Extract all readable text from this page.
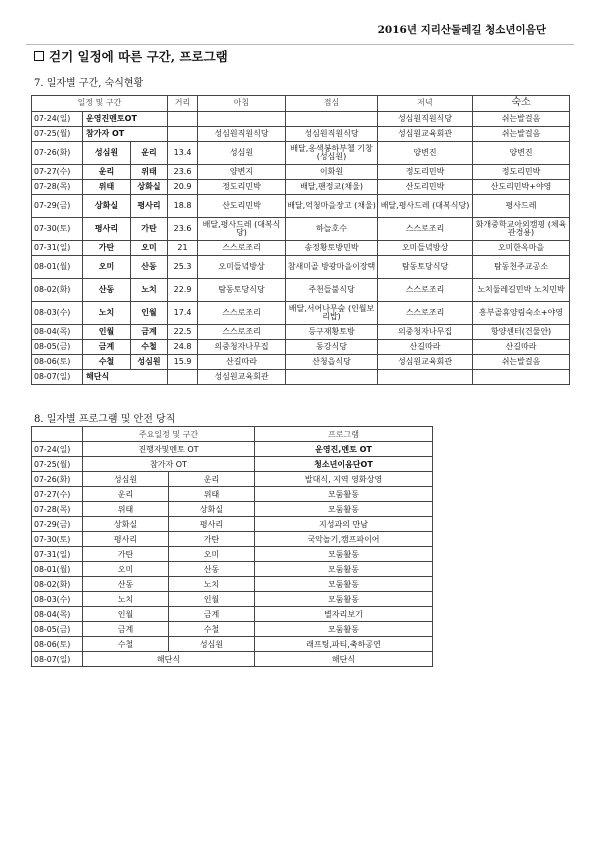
2016년 지리산둘레길 청소년이음단
걷기 일정에 따른 구간, 프로그램
7. 일자별 구간, 숙식현황
일정 및 구간			거리	아침	점심	저녁	숙소
07-24(일)	운영진멘토OT					성심원직원식당	쉬는발걸음
07-25(월)	참가자 OT			성심원직원식당	성심원직원식당	성심원교육회관	쉬는발걸음
07-26(화)	성심원	운리	13.4	성심원	배달,옹색봉하부첼 기창(성심원)	양변진	양변진
07-27(수)	운리	위태	23.6	양변지	이화원	정도리민박	정도리민박
07-28(목)	위태	상화실	20.9	정도리민박	배달,팬정교(채울)	산도리민박	산도리민박+야영
07-29(금)	상화실	평사리	18.8	산도리민박	배달,억청마을장고 (채울)	배달,평사드레 (대복식당)	평사드레
07-30(토)	평사리	가탄	23.6	배달,평사드레 (대복식당)	하늘호수	스스로조리	화개중학교아외캠핑 (체육관경용)
07-31(일)	가탄	오미	21	스스로조리	송정황토방민박	오미들녘방상	오미한옥마을
08-01(월)	오미	산동	25.3	오미들녘방상	참새미골 방광마을이장택	탐동토당식당	탐동천주교공소
08-02(화)	산동	노치	22.9	탐동토당식당	주천들불식당	스스로조리	노치둘레길민박 노치민박
08-03(수)	노치	인월	17.4	스스로조리	배달,서어나무숲 (인월보리밥)	스스로조리	흥부골휴양림숙소+야영
08-04(목)	인월	금계	22.5	스스로조리	등구재황토방	의중청자나무집	항양센터(건물안)
08-05(금)	금계	수철	24.8	의중청자나무집	동강식당	산길따라	산길따라
08-06(토)	수철	성심원	15.9	산길따라	산청읍식당	성심원교육회관	쉬는발걸음
08-07(일)	해단식			성심원교육회관			
8. 일자별 프로그램 및 안전 당직
	주요일정 및 구간		프로그램
07-24(일)	진행자및멘토 OT		운영진,멘토 OT
07-25(월)	참가자 OT		청소년이음단OT
07-26(화)	성심원	운리	발대식, 지역 영화상영
07-27(수)	운리	위태	모둠활동
07-28(목)	위태	상화실	모둠활동
07-29(금)	상화실	평사리	지성과의 만남
07-30(토)	평사리	가탄	국악놀기,캠프파이어
07-31(일)	가탄	오미	모둠활동
08-01(월)	오미	산동	모둠활동
08-02(화)	산동	노치	모둠활동
08-03(수)	노치	인월	모둠활동
08-04(목)	인월	금계	별자리보기
08-05(금)	금계	수철	모둠활동
08-06(토)	수철	성심원	래프팅,파티,축하공연
08-07(일)	해단식		해단식
